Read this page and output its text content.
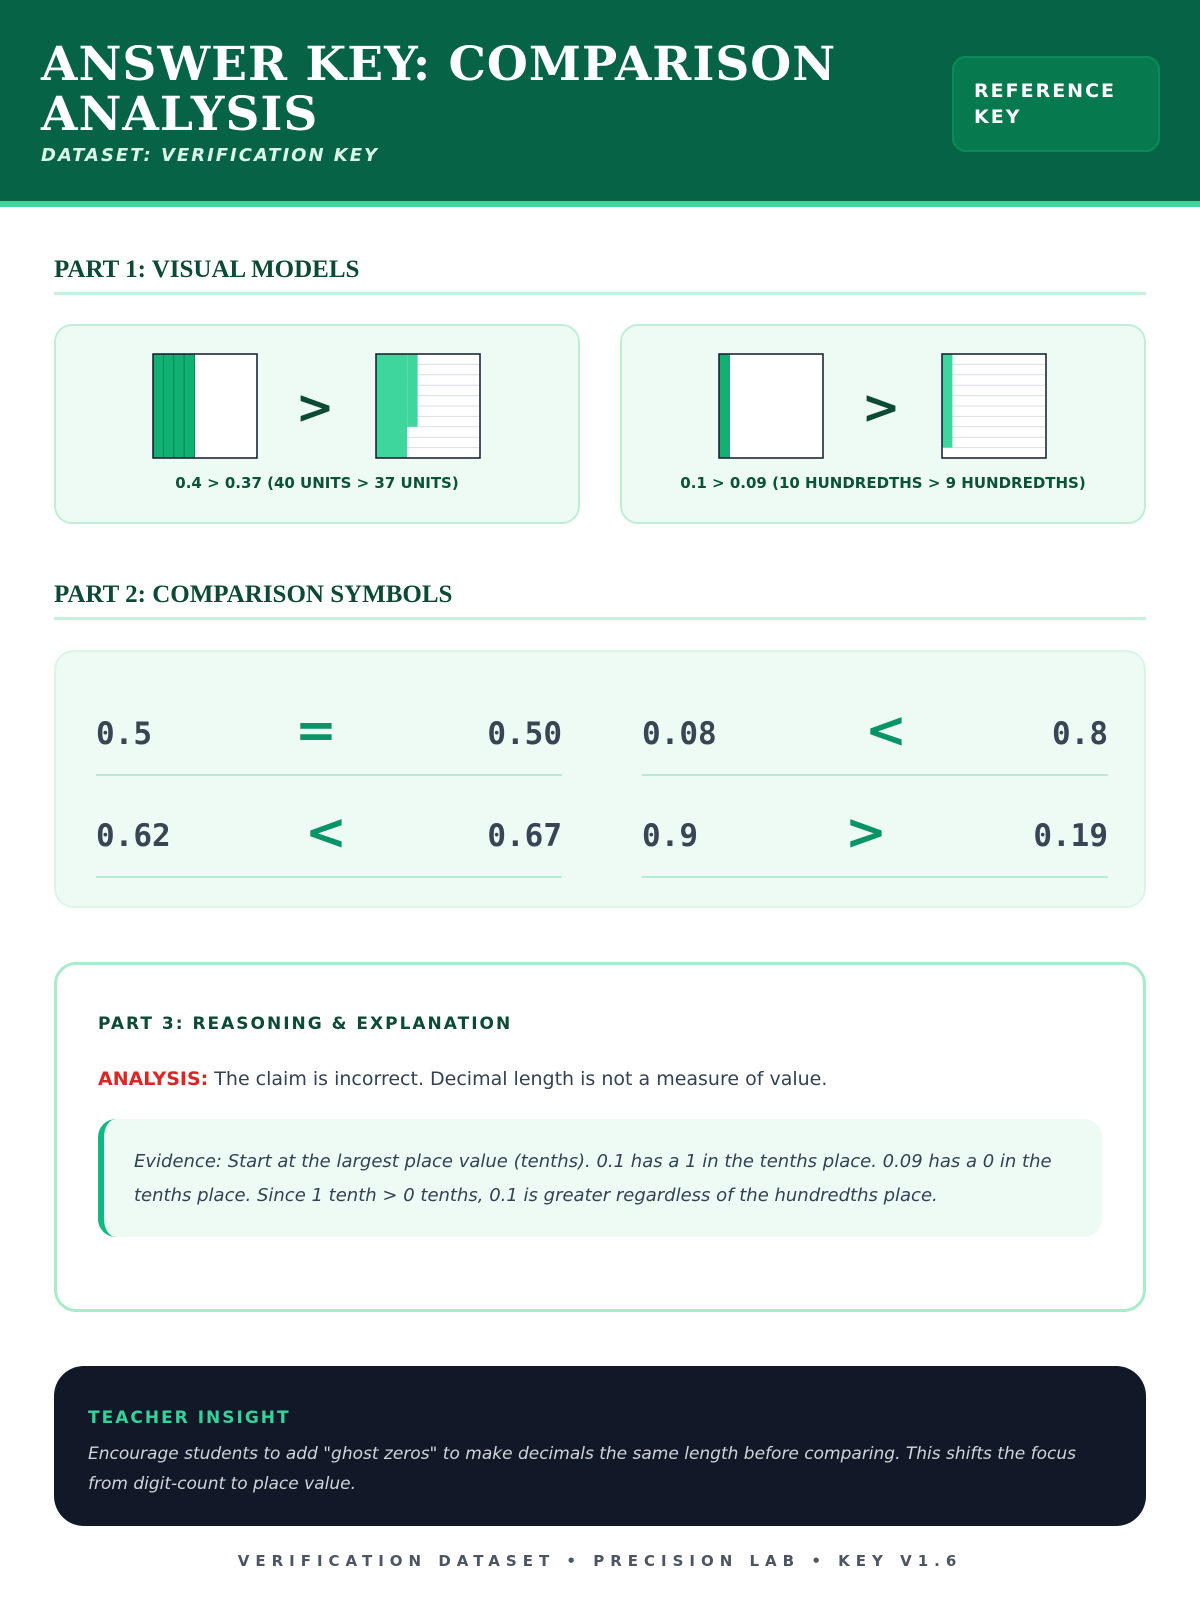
ANSWER KEY: COMPARISON ANALYSIS
DATASET: VERIFICATION KEY
REFERENCE KEY
PART 1: VISUAL MODELS
>
0.4 > 0.37 (40 UNITS > 37 UNITS)
>
0.1 > 0.09 (10 HUNDREDTHS > 9 HUNDREDTHS)
PART 2: COMPARISON SYMBOLS
0.5	=	0.50	0.08	<	0.8
0.62	<	0.67	0.9	>	0.19
PART 3: REASONING & EXPLANATION
ANALYSIS: The claim is incorrect. Decimal length is not a measure of value.
Evidence: Start at the largest place value (tenths). 0.1 has a 1 in the tenths place. 0.09 has a 0 in the tenths place. Since 1 tenth > 0 tenths, 0.1 is greater regardless of the hundredths place.
TEACHER INSIGHT
Encourage students to add "ghost zeros" to make decimals the same length before comparing. This shifts the focus from digit-count to place value.
VERIFICATION DATASET • PRECISION LAB • KEY V1.6
